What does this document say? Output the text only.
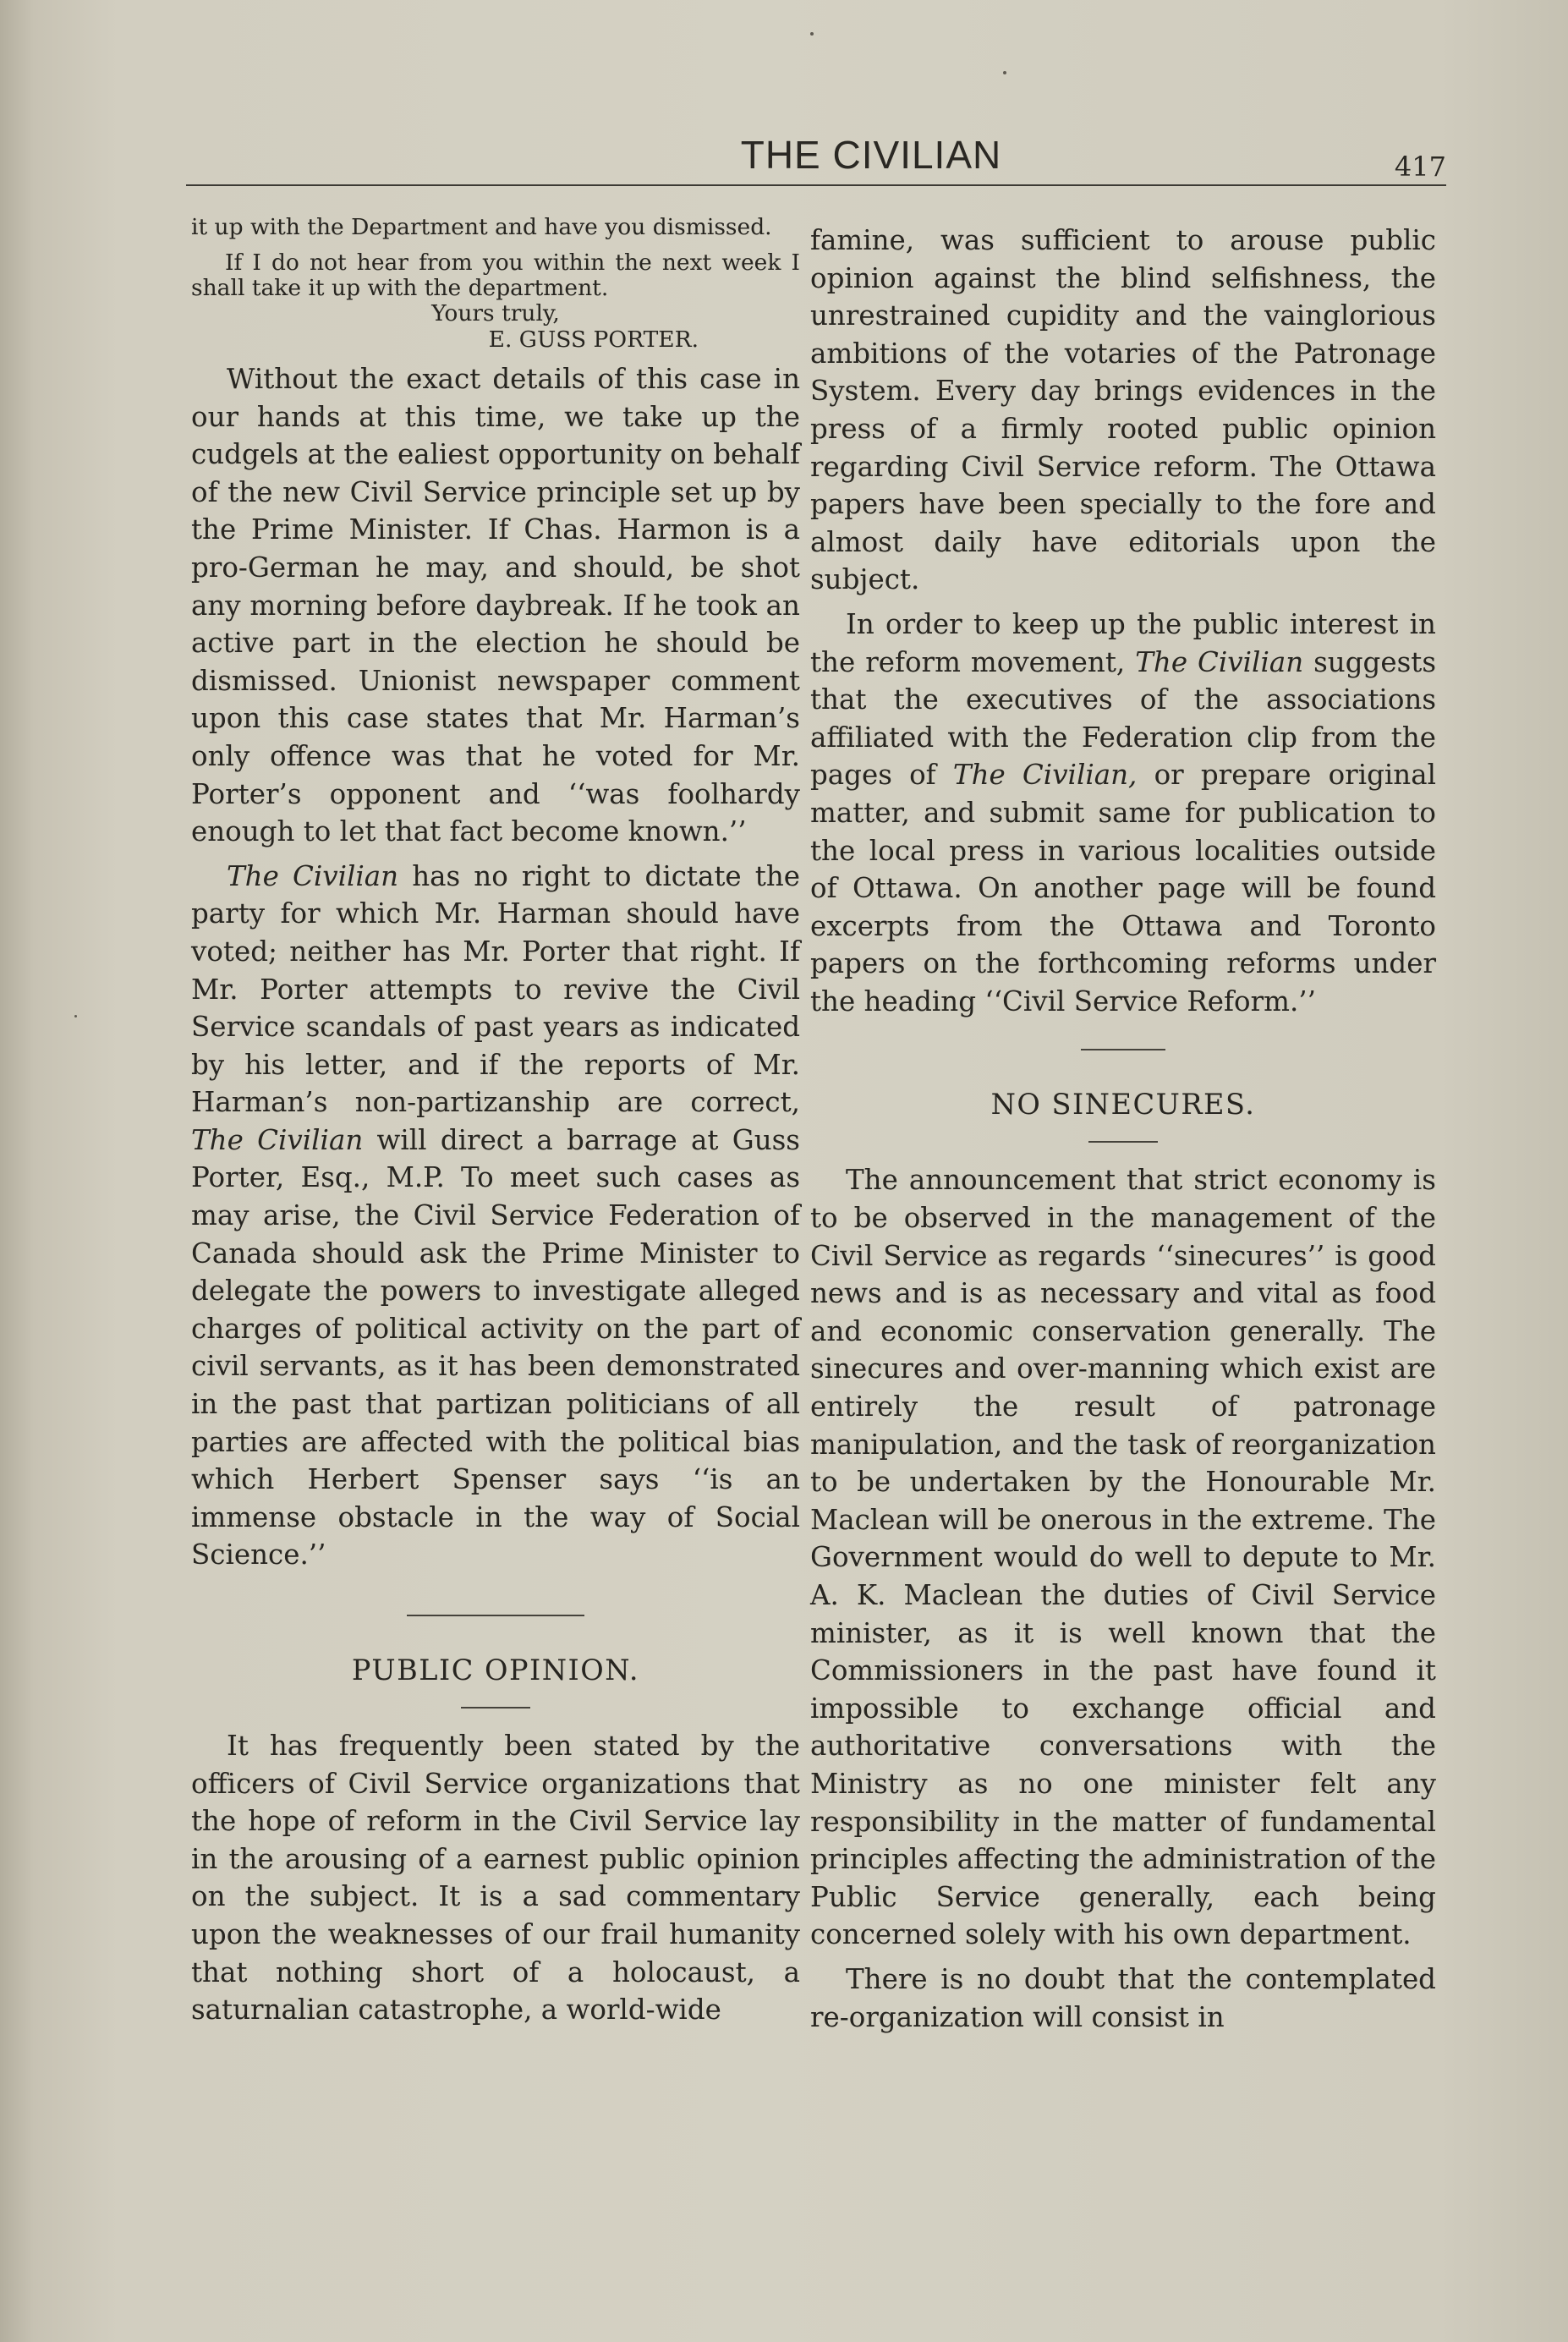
THE CIVILIAN	417

it up with the Department and have you dismissed.

If I do not hear from you within the next week I shall take it up with the department.

Yours truly,

E. GUSS PORTER.

Without the exact details of this case in our hands at this time, we take up the cudgels at the ealiest opportunity on behalf of the new Civil Service principle set up by the Prime Minister. If Chas. Harmon is a pro-German he may, and should, be shot any morning before daybreak. If he took an active part in the election he should be dismissed. Unionist newspaper comment upon this case states that Mr. Harman’s only offence was that he voted for Mr. Porter’s opponent and ‘‘was foolhardy enough to let that fact become known.’’

The Civilian has no right to dictate the party for which Mr. Harman should have voted; neither has Mr. Porter that right. If Mr. Porter attempts to revive the Civil Service scandals of past years as indicated by his letter, and if the reports of Mr. Harman’s non-partizanship are correct, The Civilian will direct a barrage at Guss Porter, Esq., M.P. To meet such cases as may arise, the Civil Service Federation of Canada should ask the Prime Minister to delegate the powers to investigate alleged charges of political activity on the part of civil servants, as it has been demonstrated in the past that partizan politicians of all parties are affected with the political bias which Herbert Spenser says ‘‘is an immense obstacle in the way of Social Science.’’

PUBLIC OPINION.

It has frequently been stated by the officers of Civil Service organizations that the hope of reform in the Civil Service lay in the arousing of a earnest public opinion on the subject. It is a sad commentary upon the weaknesses of our frail humanity that nothing short of a holocaust, a saturnalian catastrophe, a world-wide

famine, was sufficient to arouse public opinion against the blind selfishness, the unrestrained cupidity and the vainglorious ambitions of the votaries of the Patronage System. Every day brings evidences in the press of a firmly rooted public opinion regarding Civil Service reform. The Ottawa papers have been specially to the fore and almost daily have editorials upon the subject.

In order to keep up the public interest in the reform movement, The Civilian suggests that the executives of the associations affiliated with the Federation clip from the pages of The Civilian, or prepare original matter, and submit same for publication to the local press in various localities outside of Ottawa. On another page will be found excerpts from the Ottawa and Toronto papers on the forthcoming reforms under the heading ‘‘Civil Service Reform.’’

NO SINECURES.

The announcement that strict economy is to be observed in the management of the Civil Service as regards ‘‘sinecures’’ is good news and is as necessary and vital as food and economic conservation generally. The sinecures and over-manning which exist are entirely the result of patronage manipulation, and the task of reorganization to be undertaken by the Honourable Mr. Maclean will be onerous in the extreme. The Government would do well to depute to Mr. A. K. Maclean the duties of Civil Service minister, as it is well known that the Commissioners in the past have found it impossible to exchange official and authoritative conversations with the Ministry as no one minister felt any responsibility in the matter of fundamental principles affecting the administration of the Public Service generally, each being concerned solely with his own department.

There is no doubt that the contemplated re-organization will consist in
